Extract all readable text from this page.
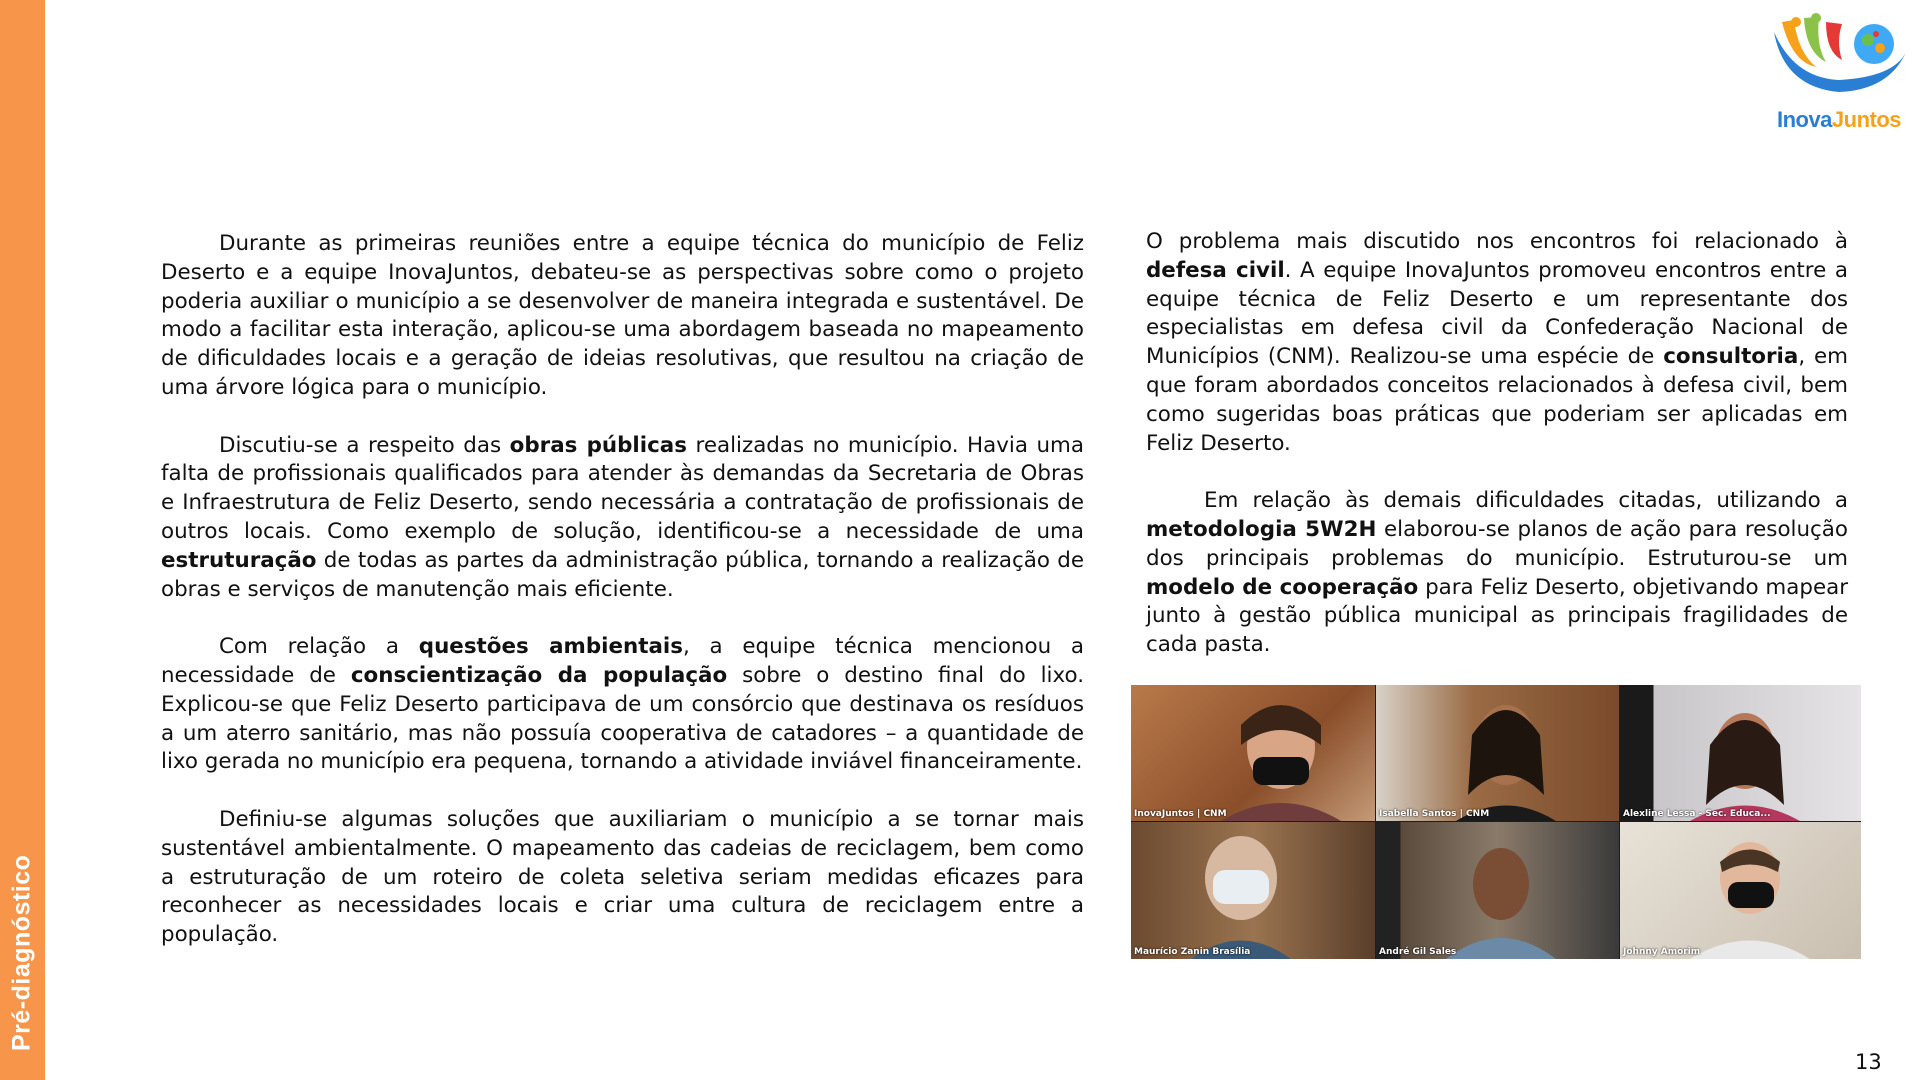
Pré-diagnóstico
InovaJuntos

Durante as primeiras reuniões entre a equipe técnica do município de Feliz Deserto e a equipe InovaJuntos, debateu-se as perspectivas sobre como o projeto poderia auxiliar o município a se desenvolver de maneira integrada e sustentável. De modo a facilitar esta interação, aplicou-se uma abordagem baseada no mapeamento de dificuldades locais e a geração de ideias resolutivas, que resultou na criação de uma árvore lógica para o município.

Discutiu-se a respeito das obras públicas realizadas no município. Havia uma falta de profissionais qualificados para atender às demandas da Secretaria de Obras e Infraestrutura de Feliz Deserto, sendo necessária a contratação de profissionais de outros locais. Como exemplo de solução, identificou-se a necessidade de uma estruturação de todas as partes da administração pública, tornando a realização de obras e serviços de manutenção mais eficiente.

Com relação a questões ambientais, a equipe técnica mencionou a necessidade de conscientização da população sobre o destino final do lixo. Explicou-se que Feliz Deserto participava de um consórcio que destinava os resíduos a um aterro sanitário, mas não possuía cooperativa de catadores – a quantidade de lixo gerada no município era pequena, tornando a atividade inviável financeiramente.

Definiu-se algumas soluções que auxiliariam o município a se tornar mais sustentável ambientalmente. O mapeamento das cadeias de reciclagem, bem como a estruturação de um roteiro de coleta seletiva seriam medidas eficazes para reconhecer as necessidades locais e criar uma cultura de reciclagem entre a população.

O problema mais discutido nos encontros foi relacionado à defesa civil. A equipe InovaJuntos promoveu encontros entre a equipe técnica de Feliz Deserto e um representante dos especialistas em defesa civil da Confederação Nacional de Municípios (CNM). Realizou-se uma espécie de consultoria, em que foram abordados conceitos relacionados à defesa civil, bem como sugeridas boas práticas que poderiam ser aplicadas em Feliz Deserto.

Em relação às demais dificuldades citadas, utilizando a metodologia 5W2H elaborou-se planos de ação para resolução dos principais problemas do município. Estruturou-se um modelo de cooperação para Feliz Deserto, objetivando mapear junto à gestão pública municipal as principais fragilidades de cada pasta.

InovaJuntos | CNM	Isabella Santos | CNM	Alexline Lessa - Sec. Educa...
Maurício Zanin Brasília	André Gil Sales	Johnny Amorim
13
